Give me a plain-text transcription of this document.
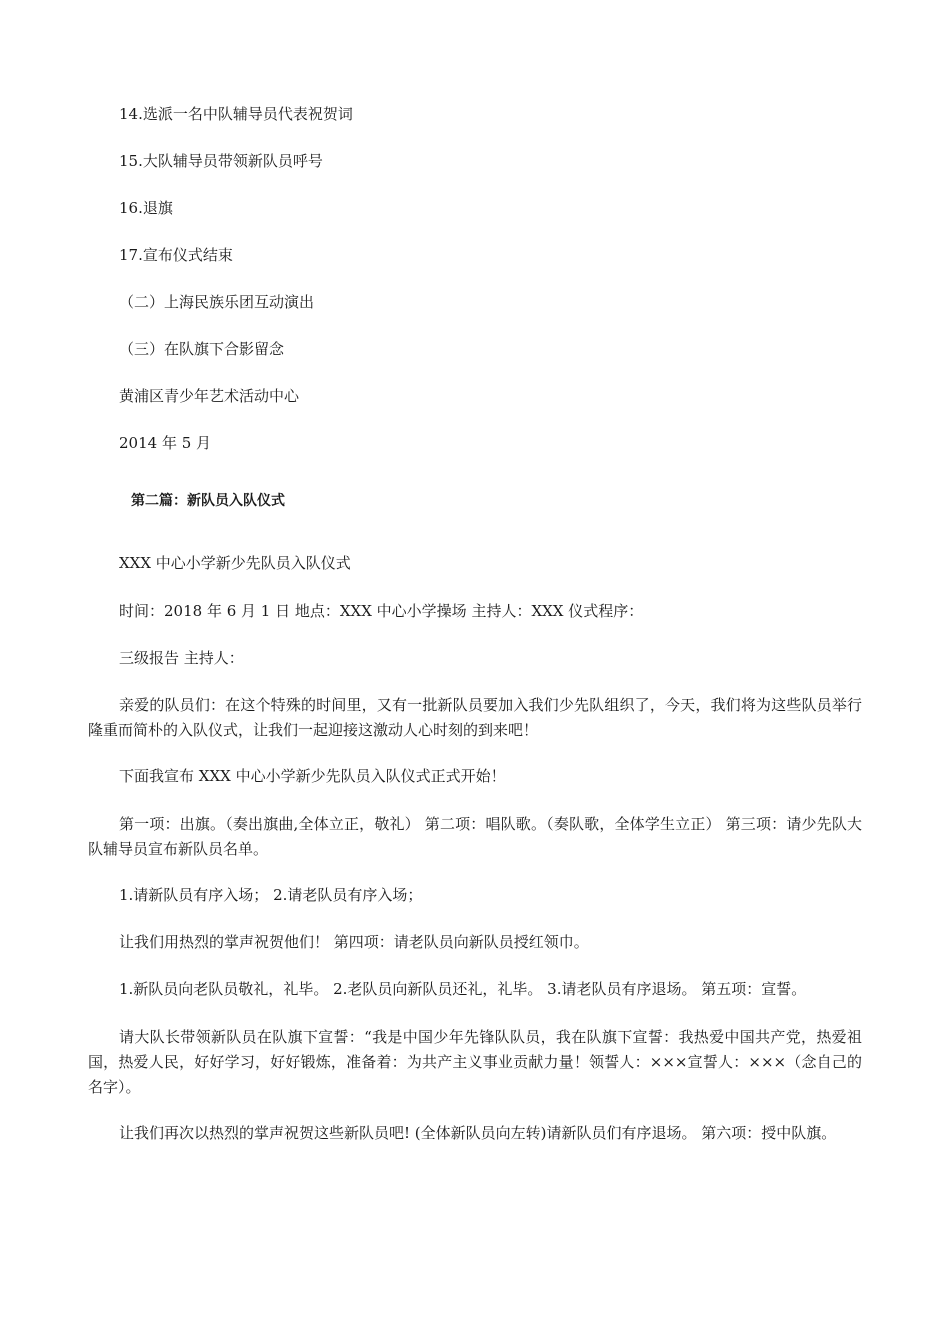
14.选派一名中队辅导员代表祝贺词
15.大队辅导员带领新队员呼号
16.退旗
17.宣布仪式结束
（二）上海民族乐团互动演出
（三）在队旗下合影留念
黄浦区青少年艺术活动中心
2014 年 5 月
第二篇：新队员入队仪式
XXX 中心小学新少先队员入队仪式
时间：2018 年 6 月 1 日 地点：XXX 中心小学操场 主持人：XXX 仪式程序：
三级报告 主持人：
亲爱的队员们：在这个特殊的时间里，又有一批新队员要加入我们少先队组织了，今天，我们将为这些队员举行隆重而简朴的入队仪式，让我们一起迎接这激动人心时刻的到来吧！
下面我宣布 XXX 中心小学新少先队员入队仪式正式开始！
第一项：出旗。（奏出旗曲,全体立正，敬礼） 第二项：唱队歌。（奏队歌，全体学生立正） 第三项：请少先队大队辅导员宣布新队员名单。
1.请新队员有序入场； 2.请老队员有序入场；
让我们用热烈的掌声祝贺他们！ 第四项：请老队员向新队员授红领巾。
1.新队员向老队员敬礼，礼毕。 2.老队员向新队员还礼，礼毕。 3.请老队员有序退场。 第五项：宣誓。
请大队长带领新队员在队旗下宣誓：“我是中国少年先锋队队员，我在队旗下宣誓：我热爱中国共产党，热爱祖国，热爱人民，好好学习，好好锻炼，准备着：为共产主义事业贡献力量！领誓人：×××宣誓人：×××（念自己的名字）。
让我们再次以热烈的掌声祝贺这些新队员吧! (全体新队员向左转)请新队员们有序退场。 第六项：授中队旗。
